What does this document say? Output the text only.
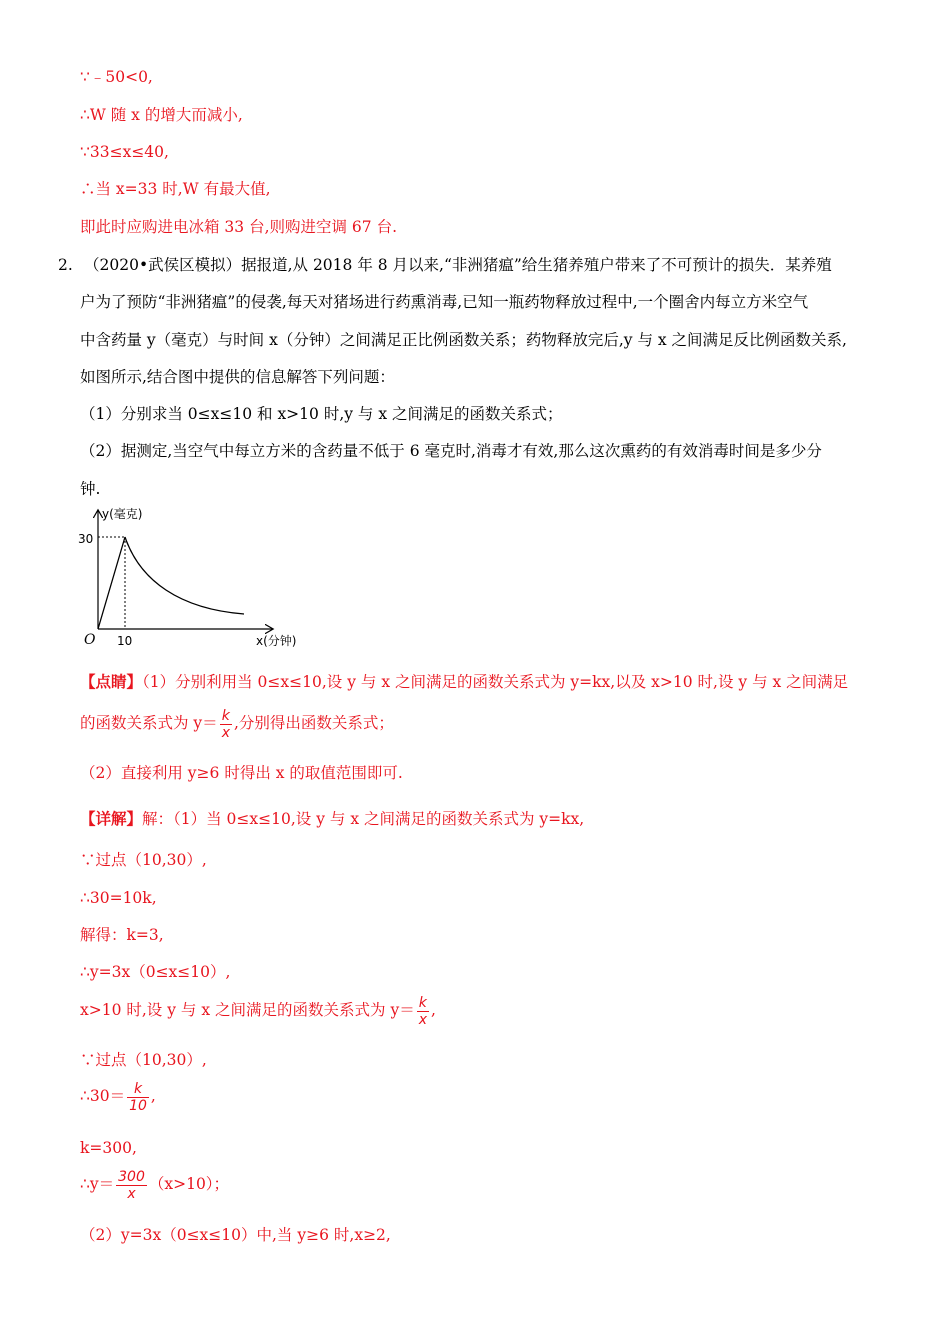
∵﹣50<0,
∴W 随 x 的增大而减小,
∵33≤x≤40,
∴当 x=33 时,W 有最大值,
即此时应购进电冰箱 33 台,则购进空调 67 台.
2. （2020•武侯区模拟）据报道,从 2018 年 8 月以来,“非洲猪瘟”给生猪养殖户带来了不可预计的损失．某养殖
户为了预防“非洲猪瘟”的侵袭,每天对猪场进行药熏消毒,已知一瓶药物释放过程中,一个圈舍内每立方米空气
中含药量 y（毫克）与时间 x（分钟）之间满足正比例函数关系；药物释放完后,y 与 x 之间满足反比例函数关系,
如图所示,结合图中提供的信息解答下列问题：
（1）分别求当 0≤x≤10 和 x>10 时,y 与 x 之间满足的函数关系式；
（2）据测定,当空气中每立方米的含药量不低于 6 毫克时,消毒才有效,那么这次熏药的有效消毒时间是多少分
钟.
y(毫克)
x(分钟)
O
30
10
【点睛】（1）分别利用当 0≤x≤10,设 y 与 x 之间满足的函数关系式为 y=kx,以及 x>10 时,设 y 与 x 之间满足
的函数关系式为 $y= \frac{k}{x}$ ,分别得出函数关系式；
（2）直接利用 y≥6 时得出 x 的取值范围即可.
【详解】解：（1）当 0≤x≤10,设 y 与 x 之间满足的函数关系式为 y=kx,
∵过点（10,30）,
∴30=10k,
解得：k=3,
∴y=3x（0≤x≤10）,
x>10 时,设 y 与 x 之间满足的函数关系式为 $y= \frac{k}{x}$ ,
∵过点（10,30）,
∴30＝ $\frac{k}{10}$ ,
k=300,
∴y＝ $\frac{300}{x} (x>10)$；
（2）y=3x（0≤x≤10）中,当 y≥6 时,x≥2,
